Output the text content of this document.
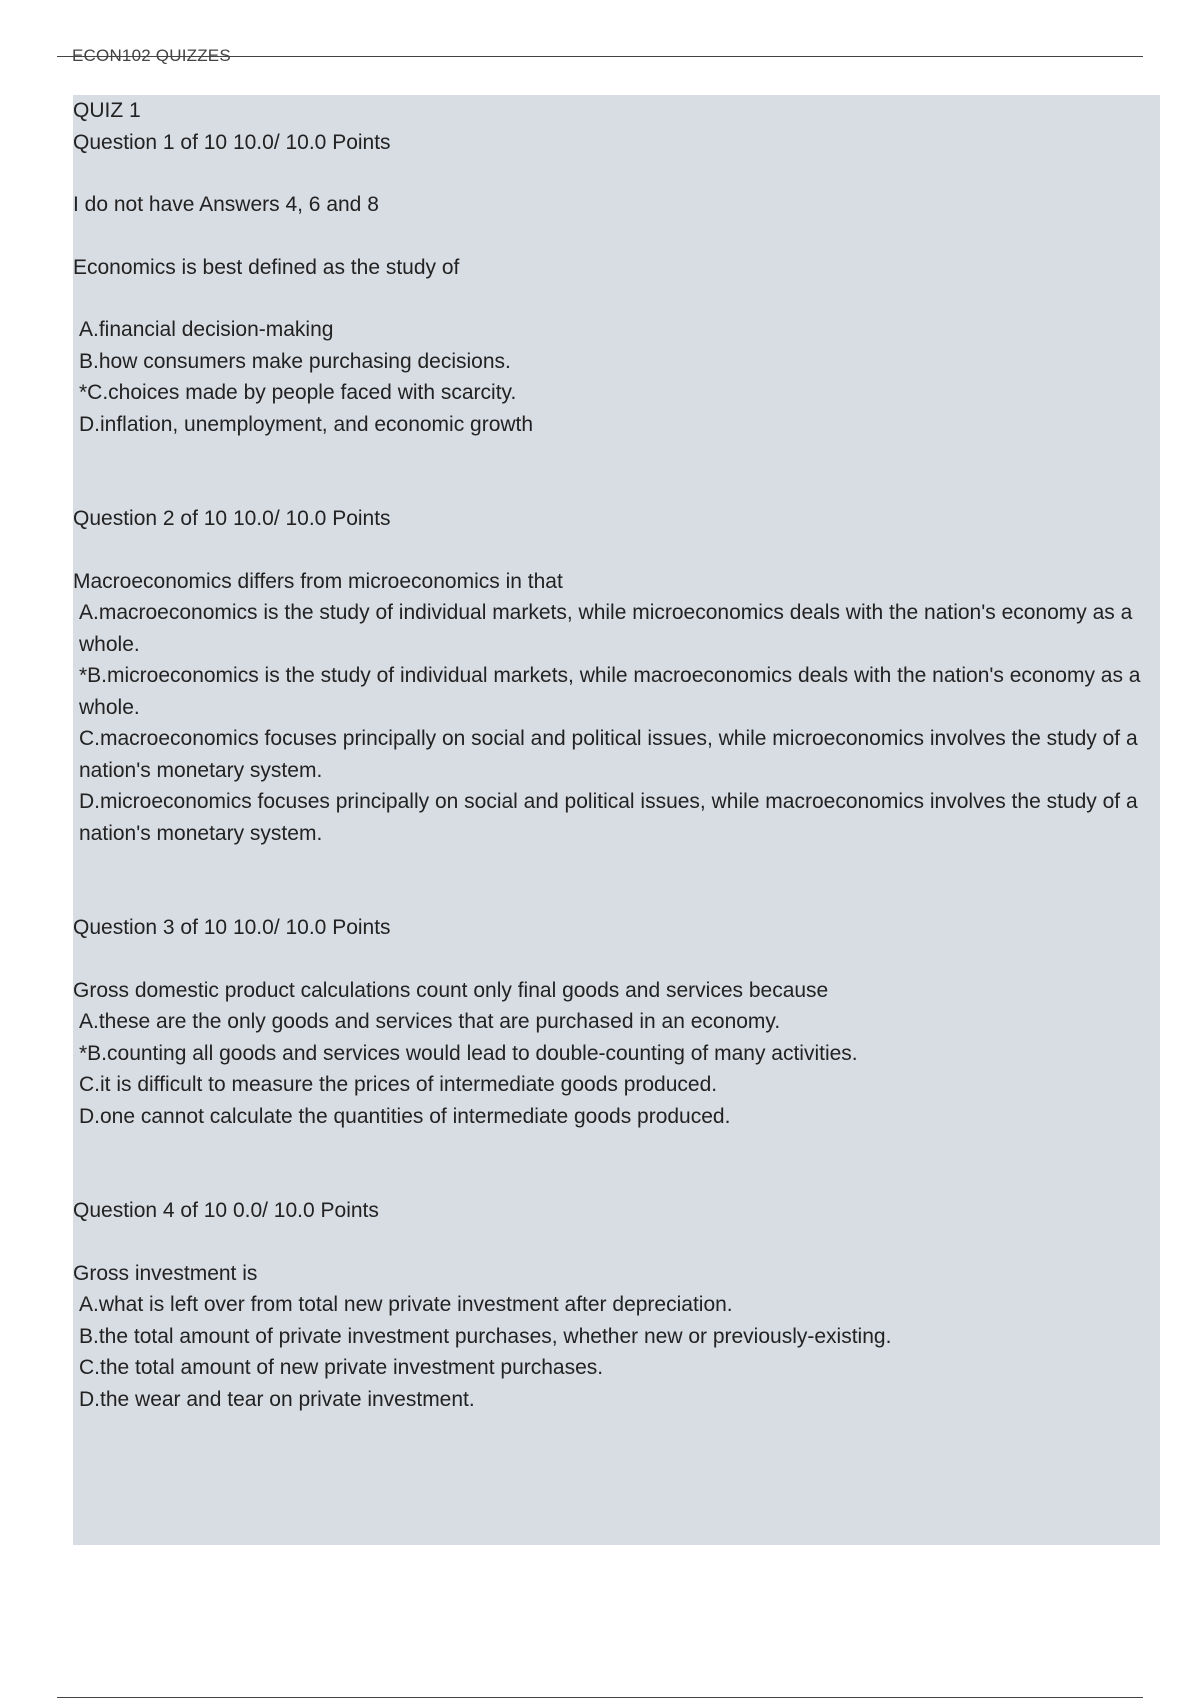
ECON102 QUIZZES
QUIZ 1
Question 1 of 10 10.0/ 10.0 Points
I do not have Answers 4, 6 and 8
Economics is best defined as the study of
A.financial decision-making
B.how consumers make purchasing decisions.
*C.choices made by people faced with scarcity.
D.inflation, unemployment, and economic growth
Question 2 of 10 10.0/ 10.0 Points
Macroeconomics differs from microeconomics in that
A.macroeconomics is the study of individual markets, while microeconomics deals with the nation's economy as a whole.
*B.microeconomics is the study of individual markets, while macroeconomics deals with the nation's economy as a whole.
C.macroeconomics focuses principally on social and political issues, while microeconomics involves the study of a nation's monetary system.
D.microeconomics focuses principally on social and political issues, while macroeconomics involves the study of a nation's monetary system.
Question 3 of 10 10.0/ 10.0 Points
Gross domestic product calculations count only final goods and services because
A.these are the only goods and services that are purchased in an economy.
*B.counting all goods and services would lead to double-counting of many activities.
C.it is difficult to measure the prices of intermediate goods produced.
D.one cannot calculate the quantities of intermediate goods produced.
Question 4 of 10 0.0/ 10.0 Points
Gross investment is
A.what is left over from total new private investment after depreciation.
B.the total amount of private investment purchases, whether new or previously-existing.
C.the total amount of new private investment purchases.
D.the wear and tear on private investment.
